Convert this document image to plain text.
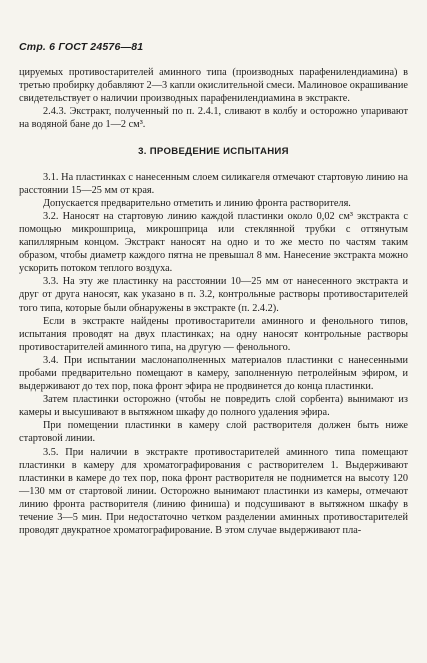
Стр. 6 ГОСТ 24576—81

цируемых противостарителей аминного типа (производных парафенилендиамина) в третью пробирку добавляют 2—3 капли окислительной смеси. Малиновое окрашивание свидетельствует о наличии производных парафенилендиамина в экстракте.

2.4.3. Экстракт, полученный по п. 2.4.1, сливают в колбу и осторожно упаривают на водяной бане до 1—2 см³.

3. ПРОВЕДЕНИЕ ИСПЫТАНИЯ

3.1. На пластинках с нанесенным слоем силикагеля отмечают стартовую линию на расстоянии 15—25 мм от края.

Допускается предварительно отметить и линию фронта растворителя.

3.2. Наносят на стартовую линию каждой пластинки около 0,02 см³ экстракта с помощью микрошприца, микрошприца или стеклянной трубки с оттянутым капиллярным концом. Экстракт наносят на одно и то же место по частям таким образом, чтобы диаметр каждого пятна не превышал 8 мм. Нанесение экстракта можно ускорить потоком теплого воздуха.

3.3. На эту же пластинку на расстоянии 10—25 мм от нанесенного экстракта и друг от друга наносят, как указано в п. 3.2, контрольные растворы противостарителей того типа, которые были обнаружены в экстракте (п. 2.4.2).

Если в экстракте найдены противостарители аминного и фенольного типов, испытания проводят на двух пластинках; на одну наносят контрольные растворы противостарителей аминного типа, на другую — фенольного.

3.4. При испытании маслонаполненных материалов пластинки с нанесенными пробами предварительно помещают в камеру, заполненную петролейным эфиром, и выдерживают до тех пор, пока фронт эфира не продвинется до конца пластинки.

Затем пластинки осторожно (чтобы не повредить слой сорбента) вынимают из камеры и высушивают в вытяжном шкафу до полного удаления эфира.

При помещении пластинки в камеру слой растворителя должен быть ниже стартовой линии.

3.5. При наличии в экстракте противостарителей аминного типа помещают пластинки в камеру для хроматографирования с растворителем 1. Выдерживают пластинки в камере до тех пор, пока фронт растворителя не поднимется на высоту 120—130 мм от стартовой линии. Осторожно вынимают пластинки из камеры, отмечают линию фронта растворителя (линию финиша) и подсушивают в вытяжном шкафу в течение 3—5 мин. При недостаточно четком разделении аминных противостарителей проводят двукратное хроматографирование. В этом случае выдерживают пла-
